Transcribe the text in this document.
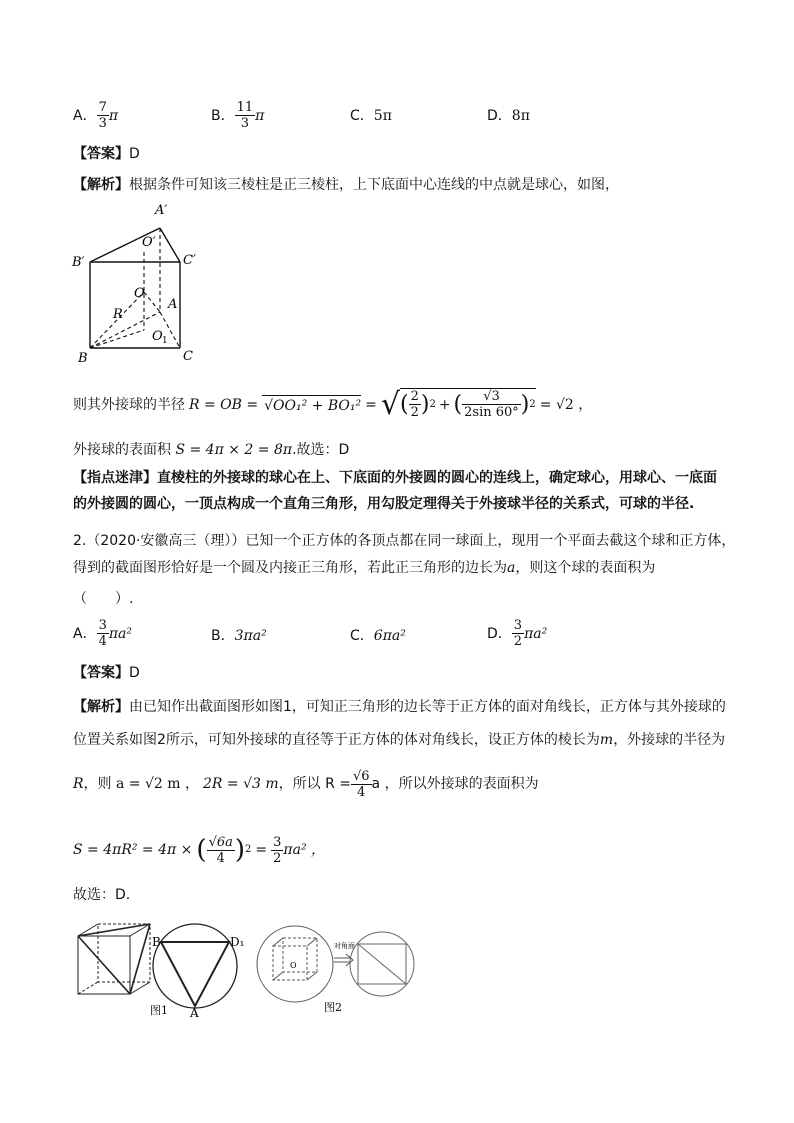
A． $\frac{7}{3}$ π	B． $\frac{11}{3}$ π	C． 5π	D． 8π
【答案】D
【解析】根据条件可知该三棱柱是正三棱柱，上下底面中心连线的中点就是球心，如图，
A′
B′	C′
O′
O
R
A
O 1
B	C
则其外接球的半径 R = OB = √OO₁² + BO₁² = √ ( $\frac{2}{2}$ ) 2 + ( $\frac{√3}{2\sin 60^\circ}$ ) 2 = √2 ，
外接球的表面积 S = 4π × 2 = 8π.故选：D
【指点迷津】直棱柱的外接球的球心在上、下底面的外接圆的圆心的连线上，确定球心，用球心、一底面
的外接圆的圆心，一顶点构成一个直角三角形，用勾股定理得关于外接球半径的关系式，可球的半径.
2.（2020·安徽高三（理））已知一个正方体的各顶点都在同一球面上，现用一个平面去截这个球和正方体，
得到的截面图形恰好是一个圆及内接正三角形，若此正三角形的边长为a，则这个球的表面积为
（　　）.
A． $\frac{3}{4} \pi a^2$	B．3πa²	C．6πa²	D． $\frac{3}{2} \pi a^2$
【答案】D
【解析】由已知作出截面图形如图1，可知正三角形的边长等于正方体的面对角线长，正方体与其外接球的
位置关系如图2所示，可知外接球的直径等于正方体的体对角线长，设正方体的棱长为m，外接球的半径为
R ，则 a = √2 m ， 2R = √3 m ，所以 $R = \frac{√6}{4}$ a ，所以外接球的表面积为
S = 4πR² = 4π × ( $\frac{√6a}{4}$ ) $2 = \frac{3}{2} \pi a^2$ ，
故选：D.
图1
B	D₁
A
O
对角面
图2
